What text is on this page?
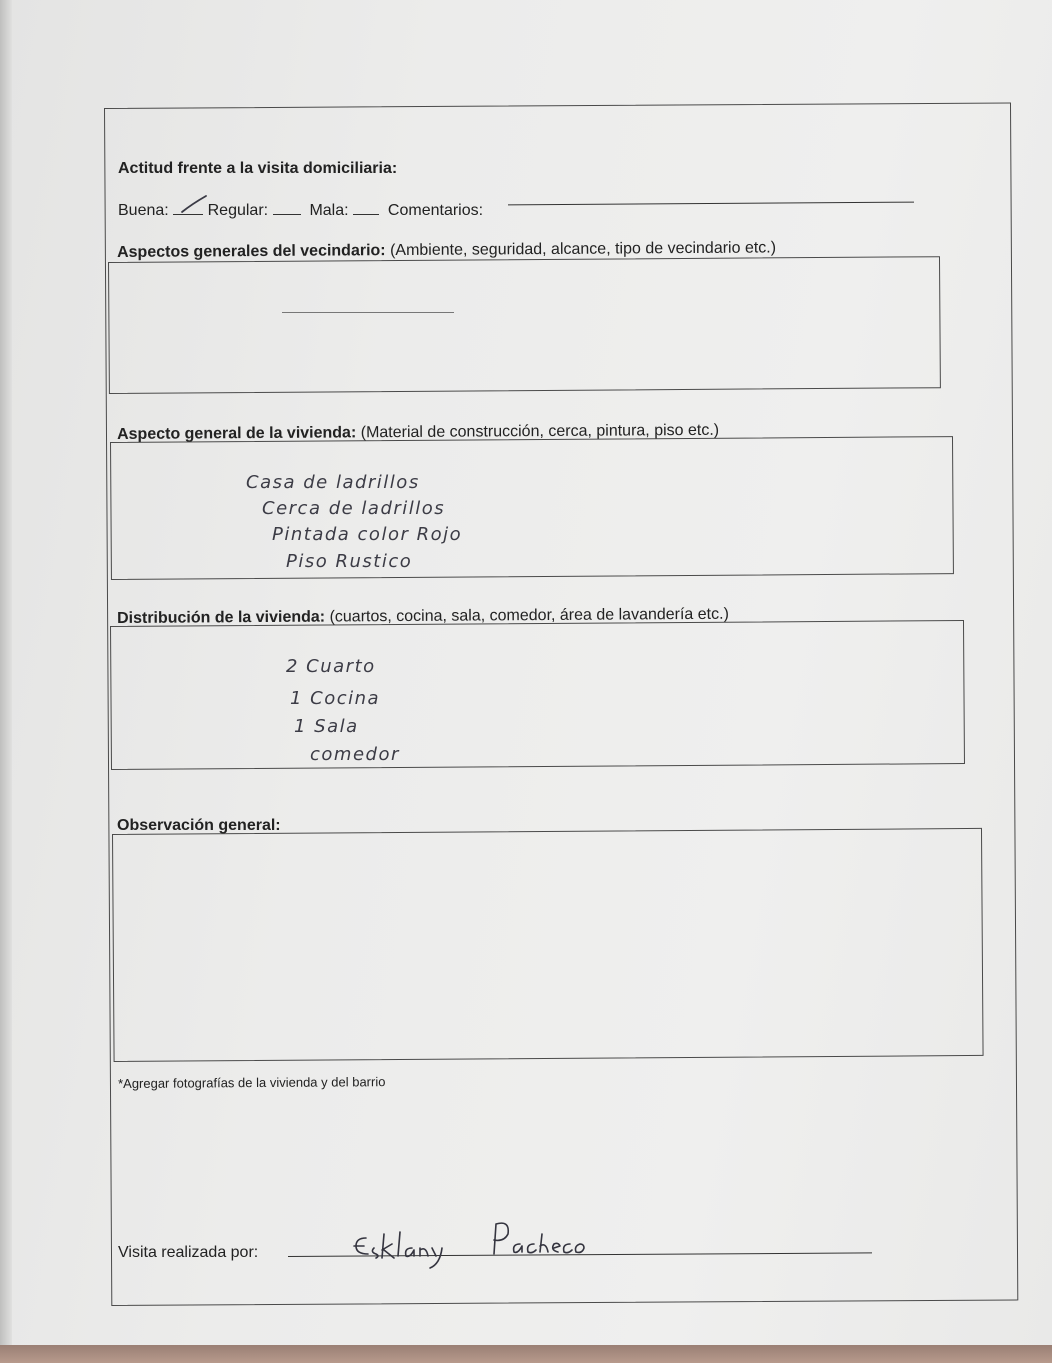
Actitud frente a la visita domiciliaria:
Buena: Regular:	Mala: Comentarios:
Aspectos generales del vecindario: (Ambiente, seguridad, alcance, tipo de vecindario etc.)
Aspecto general de la vivienda: (Material de construcción, cerca, pintura, piso etc.)
Casa de ladrillos
Cerca de ladrillos
Pintada color Rojo
Piso Rustico
Distribución de la vivienda: (cuartos, cocina, sala, comedor, área de lavandería etc.)
2 Cuarto
1 Cocina
1 Sala
comedor
Observación general:
*Agregar fotografías de la vivienda y del barrio
Visita realizada por:
